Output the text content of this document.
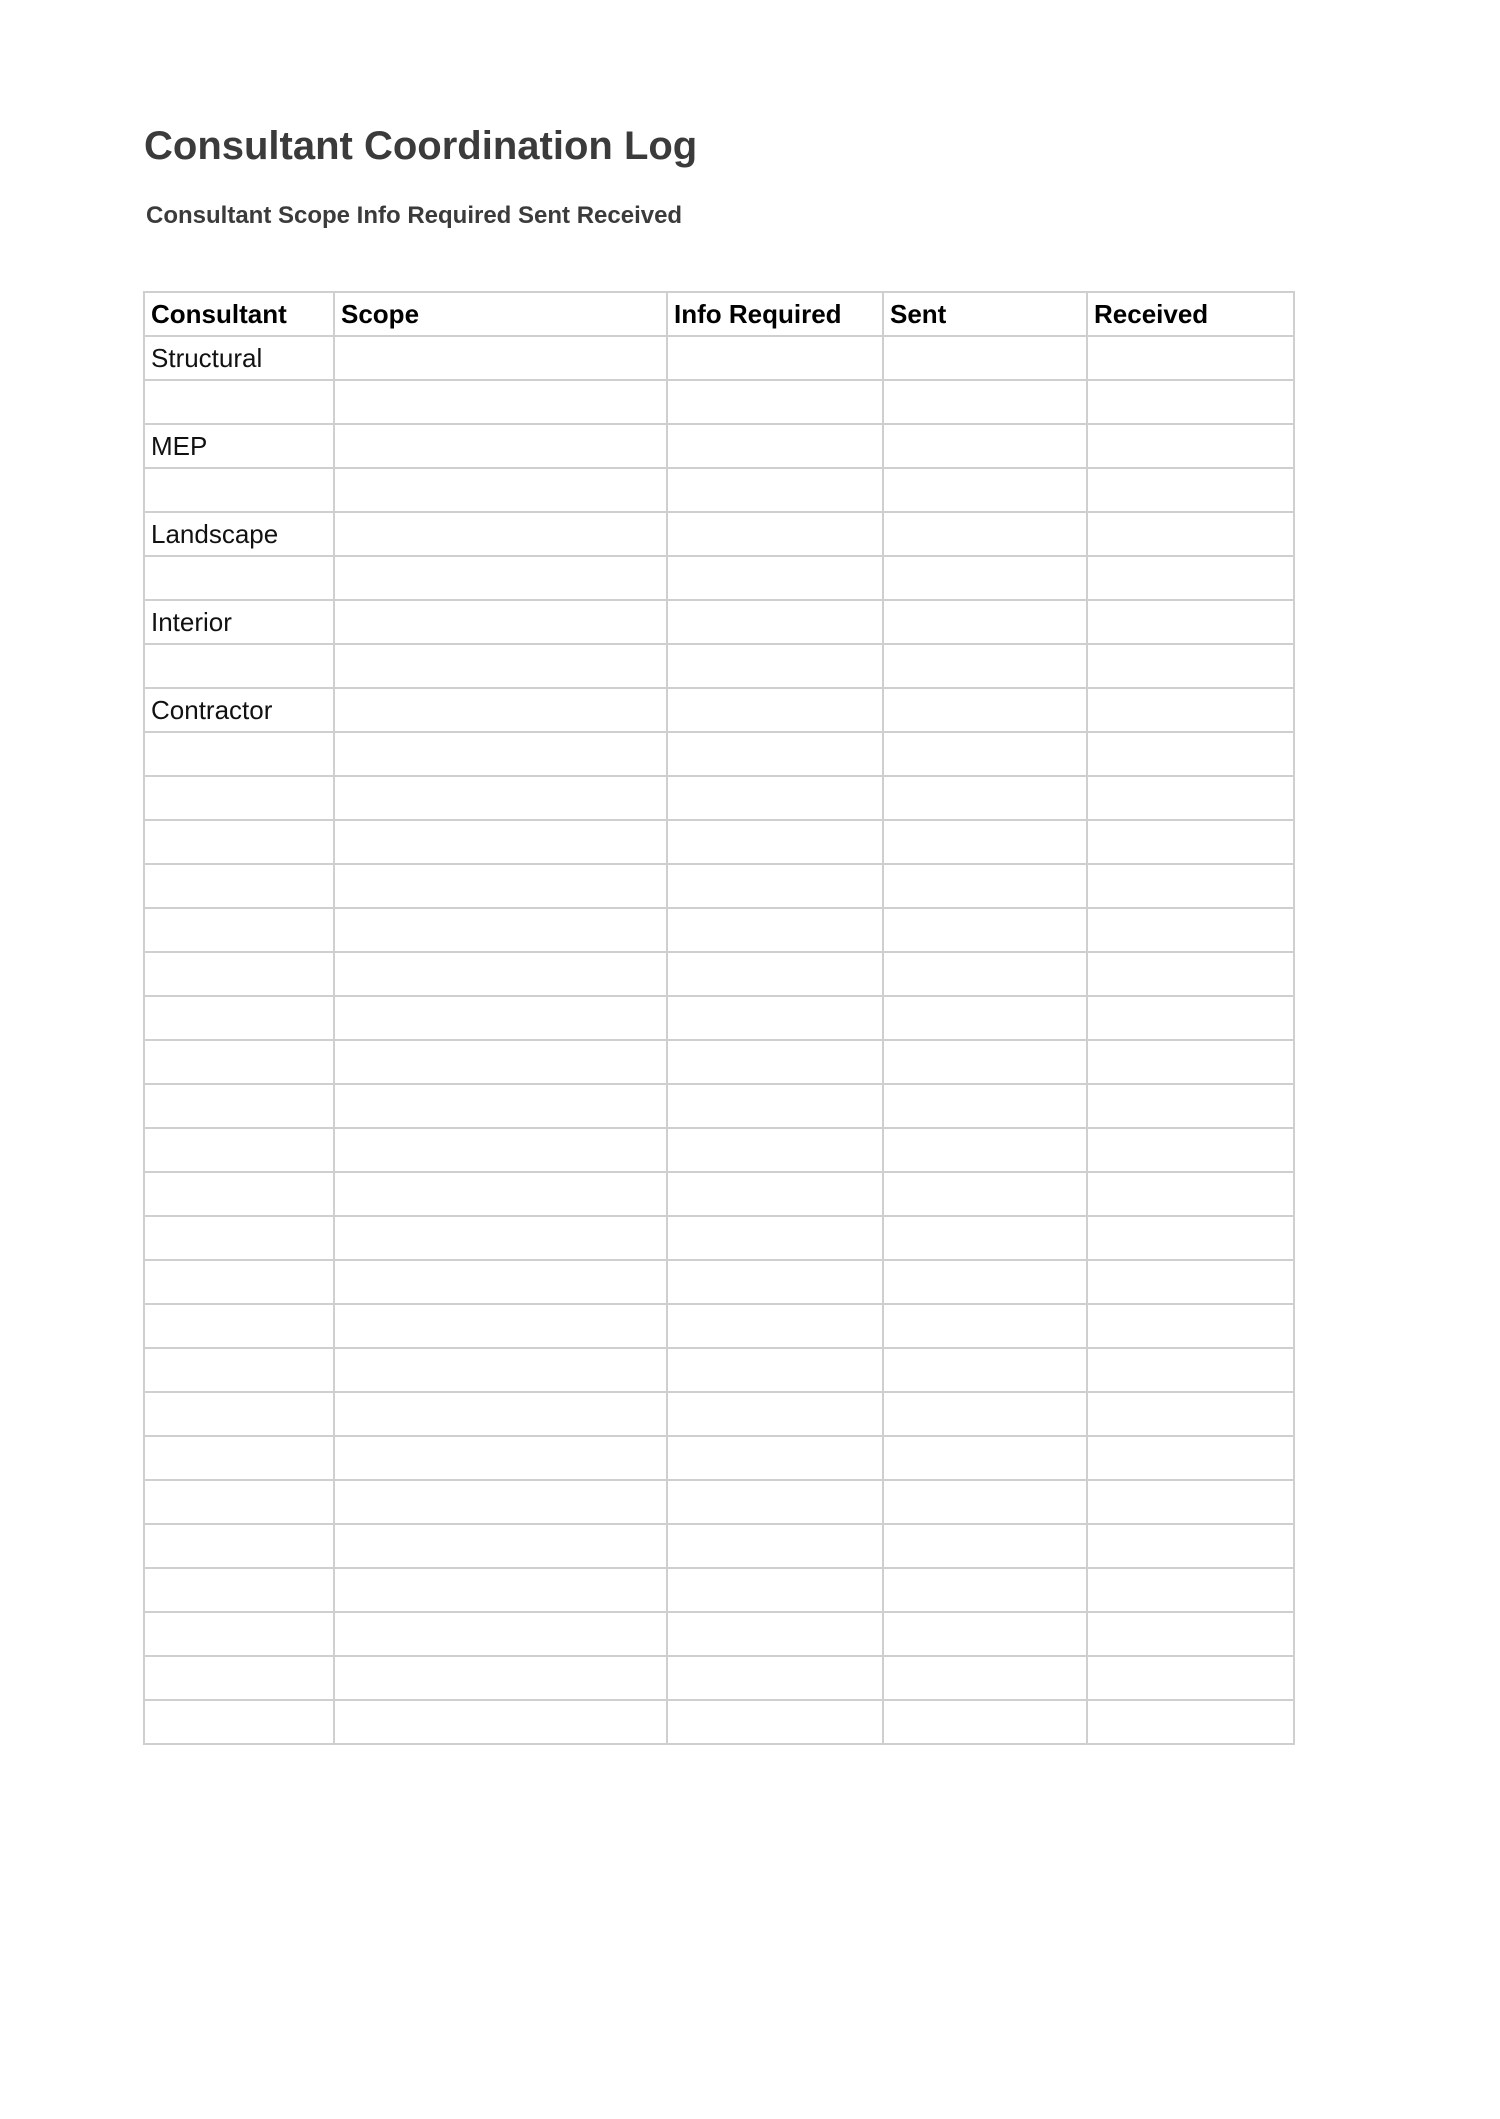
Consultant Coordination Log
Consultant Scope Info Required Sent Received
Consultant	Scope	Info Required	Sent	Received
Structural				

MEP				

Landscape				

Interior				

Contractor				
